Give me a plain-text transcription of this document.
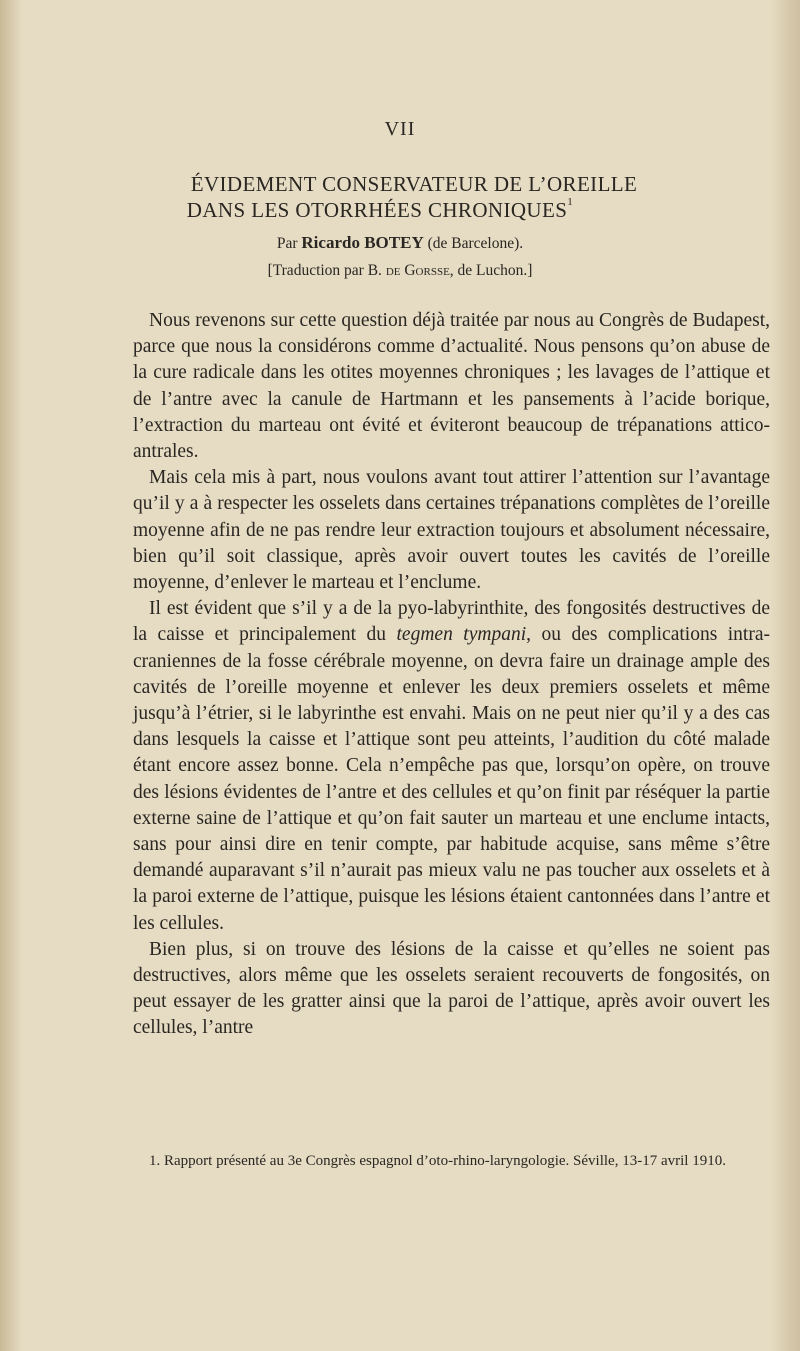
VII
ÉVIDEMENT CONSERVATEUR DE L’OREILLE
DANS LES OTORRHÉES CHRONIQUES$^1$
Par Ricardo BOTEY (de Barcelone).
[Traduction par B. de Gorsse, de Luchon.]

Nous revenons sur cette question déjà traitée par nous au Congrès de Budapest, parce que nous la considérons comme d’actualité. Nous pensons qu’on abuse de la cure radicale dans les otites moyennes chroniques ; les lavages de l’attique et de l’antre avec la canule de Hartmann et les pansements à l’acide borique, l’extraction du marteau ont évité et éviteront beaucoup de trépanations attico-antrales.

Mais cela mis à part, nous voulons avant tout attirer l’attention sur l’avantage qu’il y a à respecter les osselets dans certaines trépanations complètes de l’oreille moyenne afin de ne pas rendre leur extraction toujours et absolument nécessaire, bien qu’il soit classique, après avoir ouvert toutes les cavités de l’oreille moyenne, d’enlever le marteau et l’enclume.

Il est évident que s’il y a de la pyo-labyrinthite, des fongosités destructives de la caisse et principalement du tegmen tympani, ou des complications intra-craniennes de la fosse cérébrale moyenne, on devra faire un drainage ample des cavités de l’oreille moyenne et enlever les deux premiers osselets et même jusqu’à l’étrier, si le labyrinthe est envahi. Mais on ne peut nier qu’il y a des cas dans lesquels la caisse et l’attique sont peu atteints, l’audition du côté malade étant encore assez bonne. Cela n’empêche pas que, lorsqu’on opère, on trouve des lésions évidentes de l’antre et des cellules et qu’on finit par réséquer la partie externe saine de l’attique et qu’on fait sauter un marteau et une enclume intacts, sans pour ainsi dire en tenir compte, par habitude acquise, sans même s’être demandé auparavant s’il n’aurait pas mieux valu ne pas toucher aux osselets et à la paroi externe de l’attique, puisque les lésions étaient cantonnées dans l’antre et les cellules.

Bien plus, si on trouve des lésions de la caisse et qu’elles ne soient pas destructives, alors même que les osselets seraient recouverts de fongosités, on peut essayer de les gratter ainsi que la paroi de l’attique, après avoir ouvert les cellules, l’antre

1. Rapport présenté au 3e Congrès espagnol d’oto-rhino-laryngologie. Séville, 13-17 avril 1910.
